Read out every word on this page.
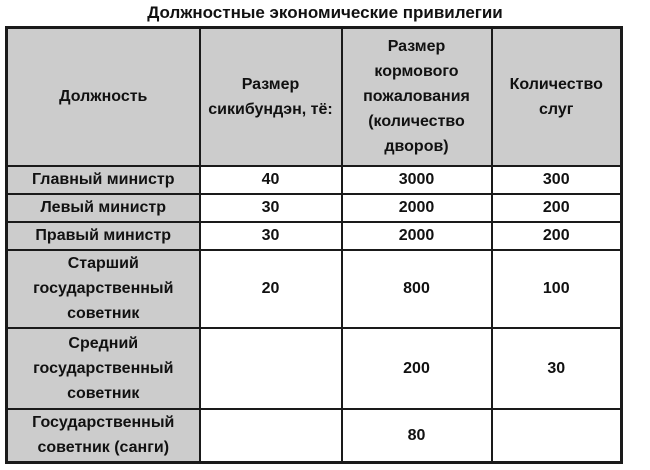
Должностные экономические привилегии
Должность	Размер сикибундэн, тё:	Размер кормового пожалования (количество дворов)	Количество слуг
Главный министр	40	3000	300
Левый министр	30	2000	200
Правый министр	30	2000	200
Старший государственный советник	20	800	100
Средний государственный советник		200	30
Государственный советник (санги)		80	
